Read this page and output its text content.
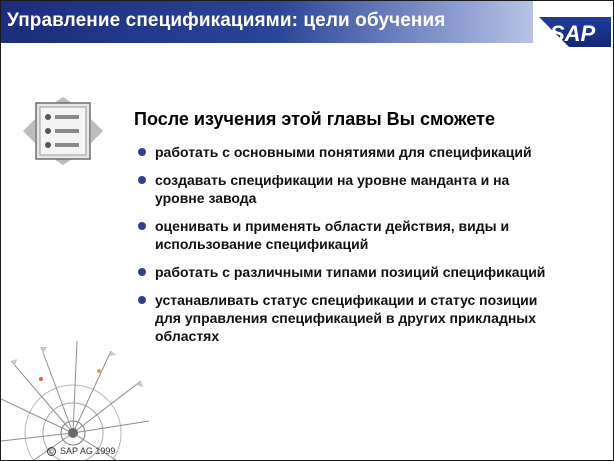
Управление спецификациями: цели обучения
SAP
После изучения этой главы Вы сможете
работать с основными понятиями для спецификаций
создавать спецификации на уровне манданта и на уровне завода
оценивать и применять области действия, виды и использование спецификаций
работать с различными типами позиций спецификаций
устанавливать статус спецификации и статус позиции для управления спецификацией в других прикладных областях
© SAP AG 1999
